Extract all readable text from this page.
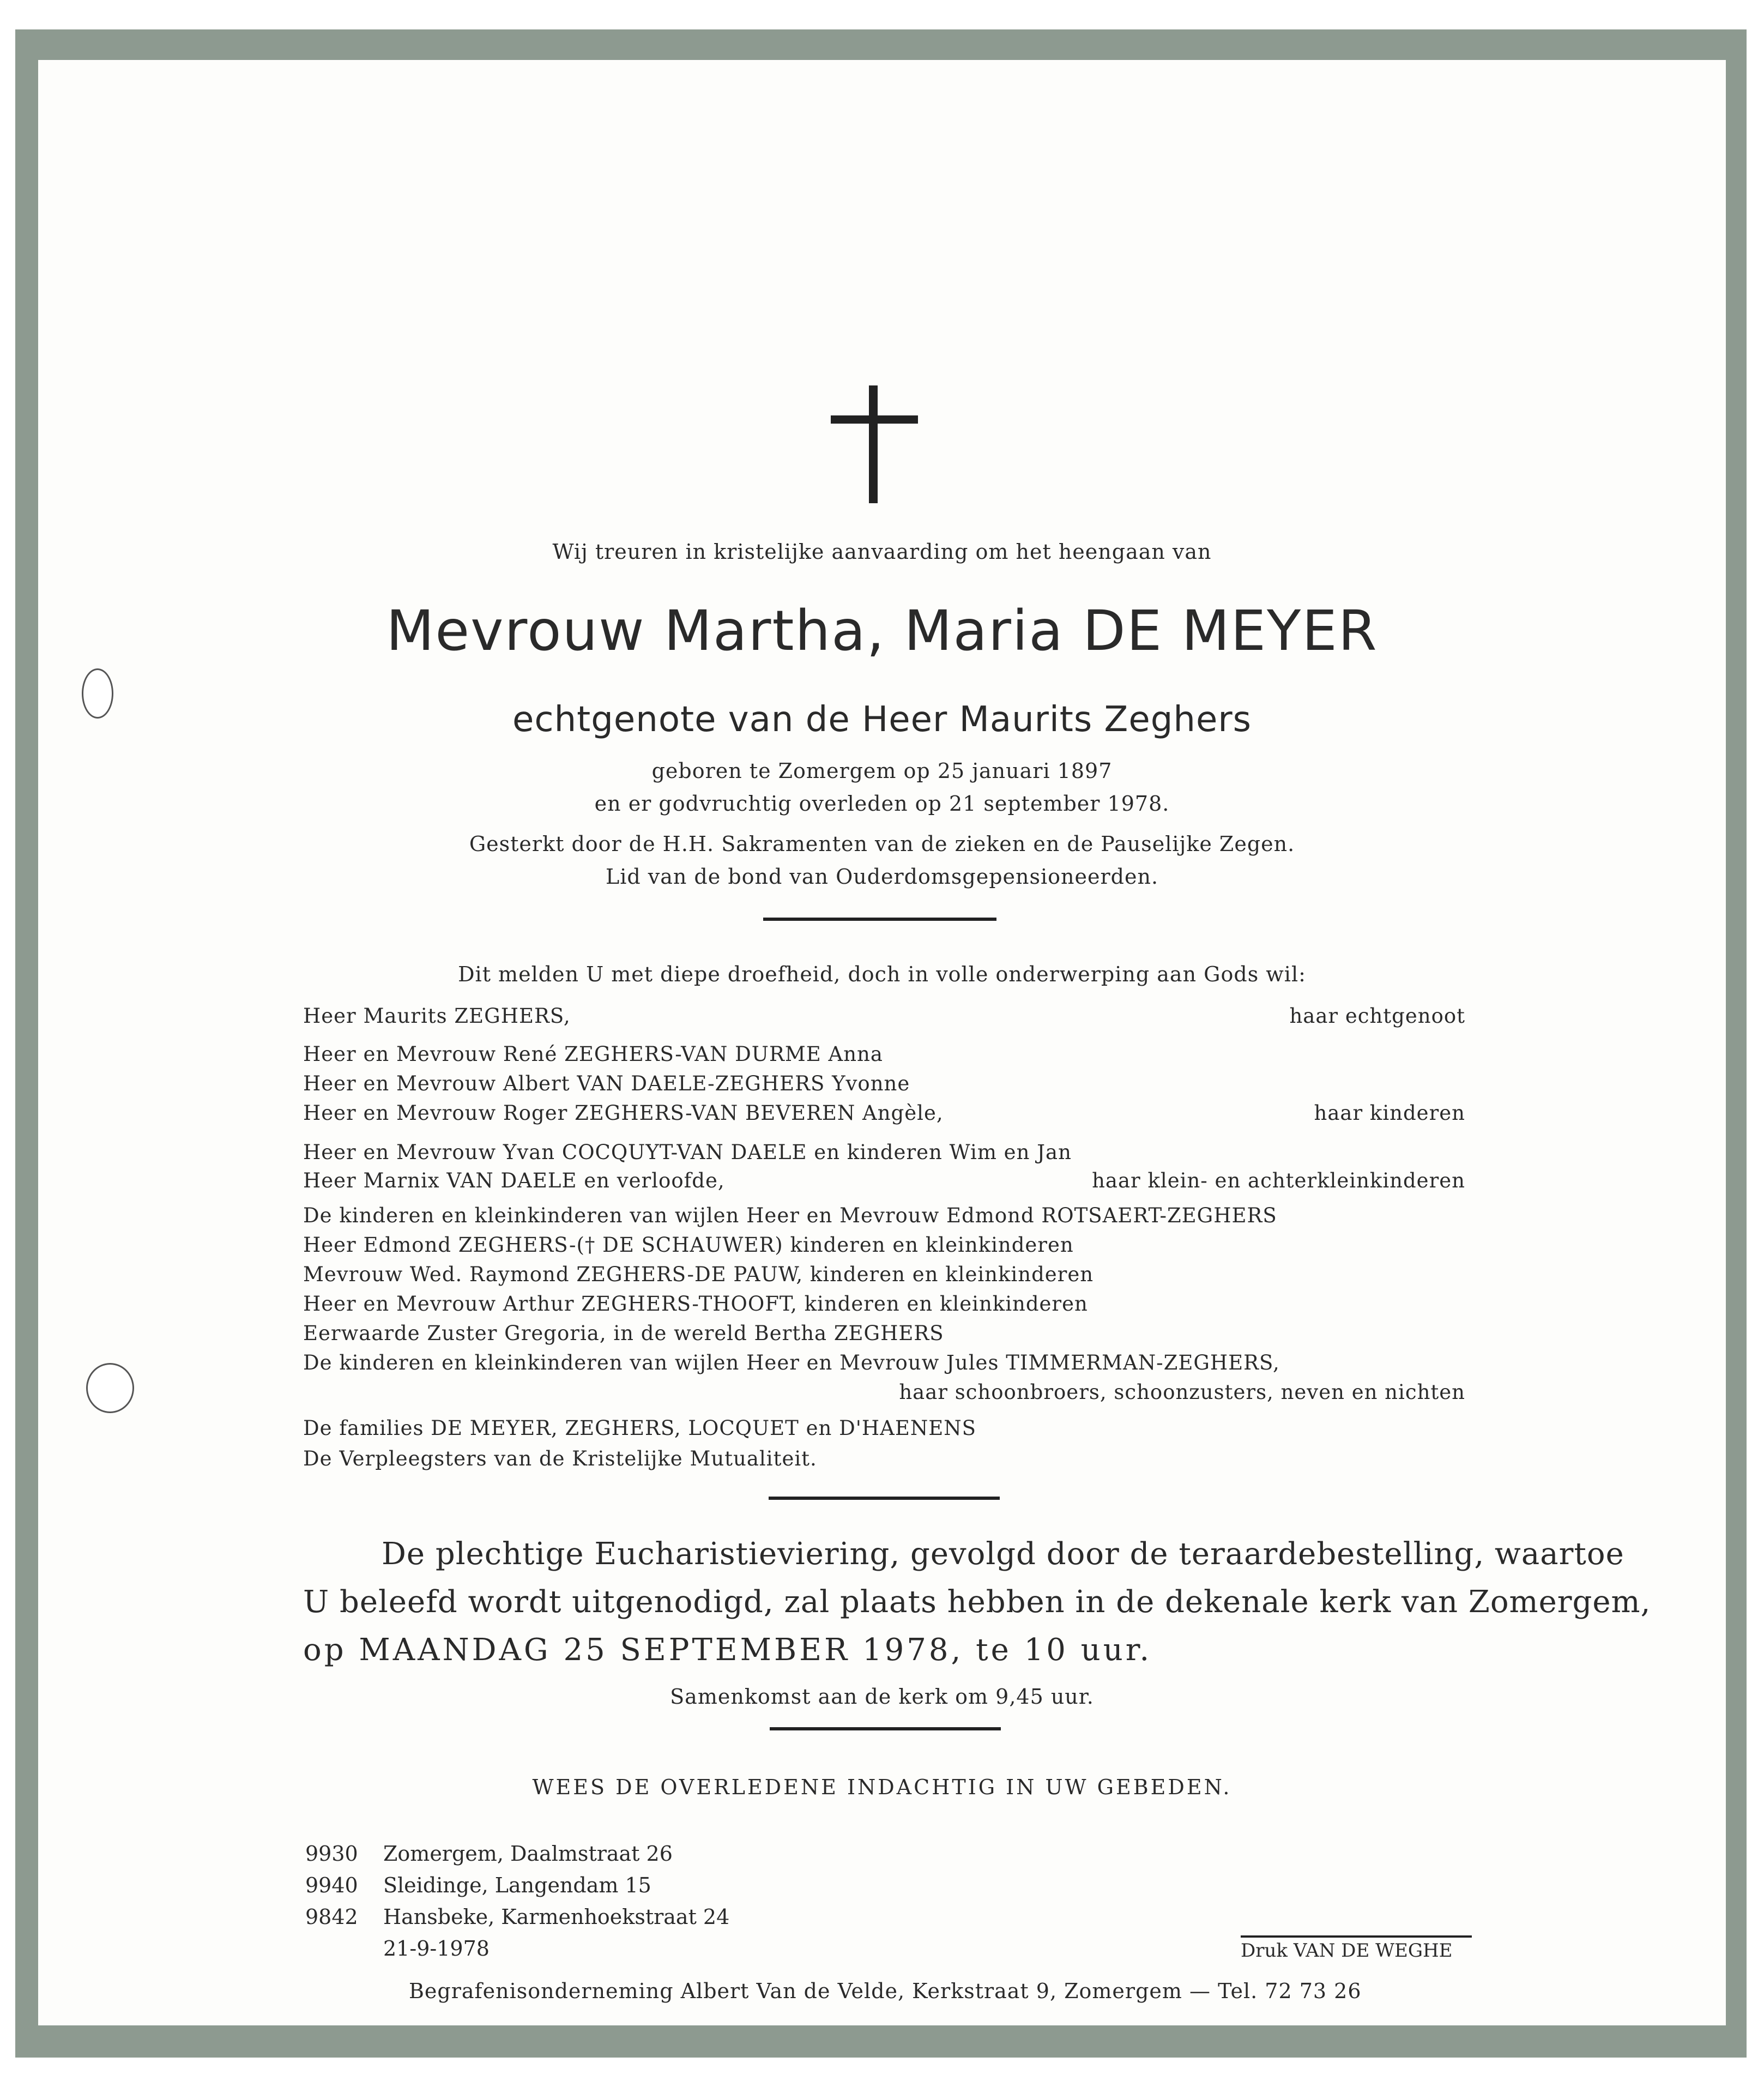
Wij treuren in kristelijke aanvaarding om het heengaan van
Mevrouw Martha, Maria DE MEYER
echtgenote van de Heer Maurits Zeghers
geboren te Zomergem op 25 januari 1897
en er godvruchtig overleden op 21 september 1978.
Gesterkt door de H.H. Sakramenten van de zieken en de Pauselijke Zegen.
Lid van de bond van Ouderdomsgepensioneerden.
Dit melden U met diepe droefheid, doch in volle onderwerping aan Gods wil:
Heer Maurits ZEGHERS,	haar echtgenoot
Heer en Mevrouw René ZEGHERS-VAN DURME Anna
Heer en Mevrouw Albert VAN DAELE-ZEGHERS Yvonne
Heer en Mevrouw Roger ZEGHERS-VAN BEVEREN Angèle,	haar kinderen
Heer en Mevrouw Yvan COCQUYT-VAN DAELE en kinderen Wim en Jan
Heer Marnix VAN DAELE en verloofde,	haar klein- en achterkleinkinderen
De kinderen en kleinkinderen van wijlen Heer en Mevrouw Edmond ROTSAERT-ZEGHERS
Heer Edmond ZEGHERS-(† DE SCHAUWER) kinderen en kleinkinderen
Mevrouw Wed. Raymond ZEGHERS-DE PAUW, kinderen en kleinkinderen
Heer en Mevrouw Arthur ZEGHERS-THOOFT, kinderen en kleinkinderen
Eerwaarde Zuster Gregoria, in de wereld Bertha ZEGHERS
De kinderen en kleinkinderen van wijlen Heer en Mevrouw Jules TIMMERMAN-ZEGHERS,
haar schoonbroers, schoonzusters, neven en nichten
De families DE MEYER, ZEGHERS, LOCQUET en D'HAENENS
De Verpleegsters van de Kristelijke Mutualiteit.
De plechtige Eucharistieviering, gevolgd door de teraardebestelling, waartoe
U beleefd wordt uitgenodigd, zal plaats hebben in de dekenale kerk van Zomergem,
op MAANDAG 25 SEPTEMBER 1978, te 10 uur.
Samenkomst aan de kerk om 9,45 uur.
WEES DE OVERLEDENE INDACHTIG IN UW GEBEDEN.
9930 Zomergem, Daalmstraat 26
9940 Sleidinge, Langendam 15
9842 Hansbeke, Karmenhoekstraat 24
21-9-1978	Druk VAN DE WEGHE
Begrafenisonderneming Albert Van de Velde, Kerkstraat 9, Zomergem — Tel. 72 73 26
